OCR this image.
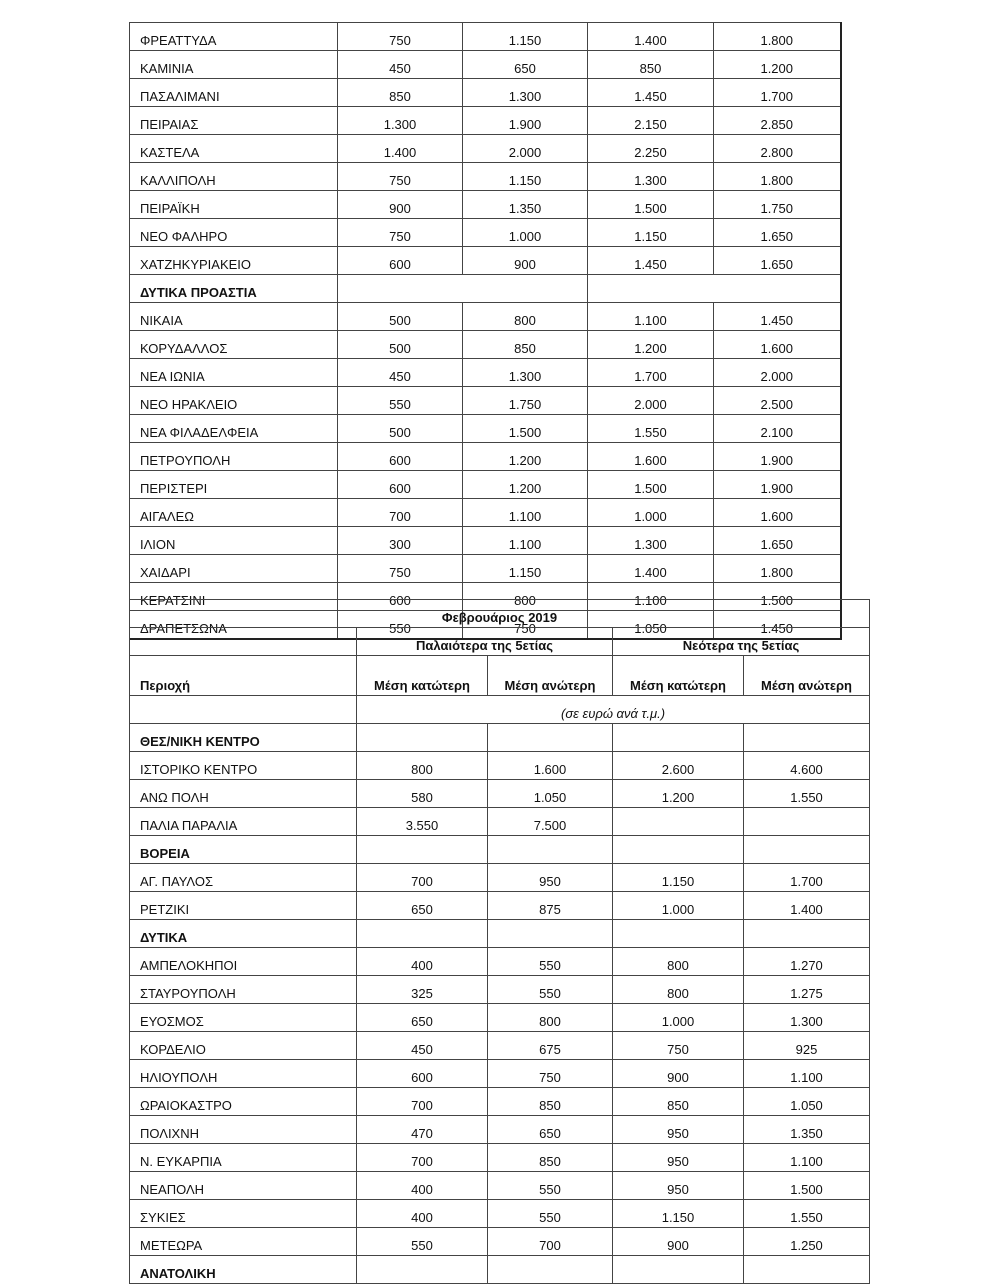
ΦΡΕΑΤΤΥΔΑ	750	1.150	1.400	1.800
ΚΑΜΙΝΙΑ	450	650	850	1.200
ΠΑΣΑΛΙΜΑΝΙ	850	1.300	1.450	1.700
ΠΕΙΡΑΙΑΣ	1.300	1.900	2.150	2.850
ΚΑΣΤΕΛΑ	1.400	2.000	2.250	2.800
ΚΑΛΛΙΠΟΛΗ	750	1.150	1.300	1.800
ΠΕΙΡΑΪΚΗ	900	1.350	1.500	1.750
ΝΕΟ ΦΑΛΗΡΟ	750	1.000	1.150	1.650
ΧΑΤΖΗΚΥΡΙΑΚΕΙΟ	600	900	1.450	1.650
ΔΥΤΙΚΑ ΠΡΟΑΣΤΙΑ				
ΝΙΚΑΙΑ	500	800	1.100	1.450
ΚΟΡΥΔΑΛΛΟΣ	500	850	1.200	1.600
ΝΕΑ ΙΩΝΙΑ	450	1.300	1.700	2.000
ΝΕΟ ΗΡΑΚΛΕΙΟ	550	1.750	2.000	2.500
ΝΕΑ ΦΙΛΑΔΕΛΦΕΙΑ	500	1.500	1.550	2.100
ΠΕΤΡΟΥΠΟΛΗ	600	1.200	1.600	1.900
ΠΕΡΙΣΤΕΡΙ	600	1.200	1.500	1.900
ΑΙΓΑΛΕΩ	700	1.100	1.000	1.600
ΙΛΙΟΝ	300	1.100	1.300	1.650
ΧΑΙΔΑΡΙ	750	1.150	1.400	1.800
ΚΕΡΑΤΣΙΝΙ	600	800	1.100	1.500
ΔΡΑΠΕΤΣΩΝΑ	550	750	1.050	1.450
Φεβρουάριος 2019				
	Παλαιότερα της 5ετίας		Νεότερα της 5ετίας	
Περιοχή	Μέση κατώτερη	Μέση ανώτερη	Μέση κατώτερη	Μέση ανώτερη
	(σε ευρώ ανά τ.μ.)			
ΘΕΣ/ΝΙΚΗ ΚΕΝΤΡΟ				
ΙΣΤΟΡΙΚΟ ΚΕΝΤΡΟ	800	1.600	2.600	4.600
ΑΝΩ ΠΟΛΗ	580	1.050	1.200	1.550
ΠΑΛΙΑ ΠΑΡΑΛΙΑ	3.550	7.500		
ΒΟΡΕΙΑ				
ΑΓ. ΠΑΥΛΟΣ	700	950	1.150	1.700
ΡΕΤΖΙΚΙ	650	875	1.000	1.400
ΔΥΤΙΚΑ				
ΑΜΠΕΛΟΚΗΠΟΙ	400	550	800	1.270
ΣΤΑΥΡΟΥΠΟΛΗ	325	550	800	1.275
ΕΥΟΣΜΟΣ	650	800	1.000	1.300
ΚΟΡΔΕΛΙΟ	450	675	750	925
ΗΛΙΟΥΠΟΛΗ	600	750	900	1.100
ΩΡΑΙΟΚΑΣΤΡΟ	700	850	850	1.050
ΠΟΛΙΧΝΗ	470	650	950	1.350
Ν. ΕΥΚΑΡΠΙΑ	700	850	950	1.100
ΝΕΑΠΟΛΗ	400	550	950	1.500
ΣΥΚΙΕΣ	400	550	1.150	1.550
ΜΕΤΕΩΡΑ	550	700	900	1.250
ΑΝΑΤΟΛΙΚΗ				
